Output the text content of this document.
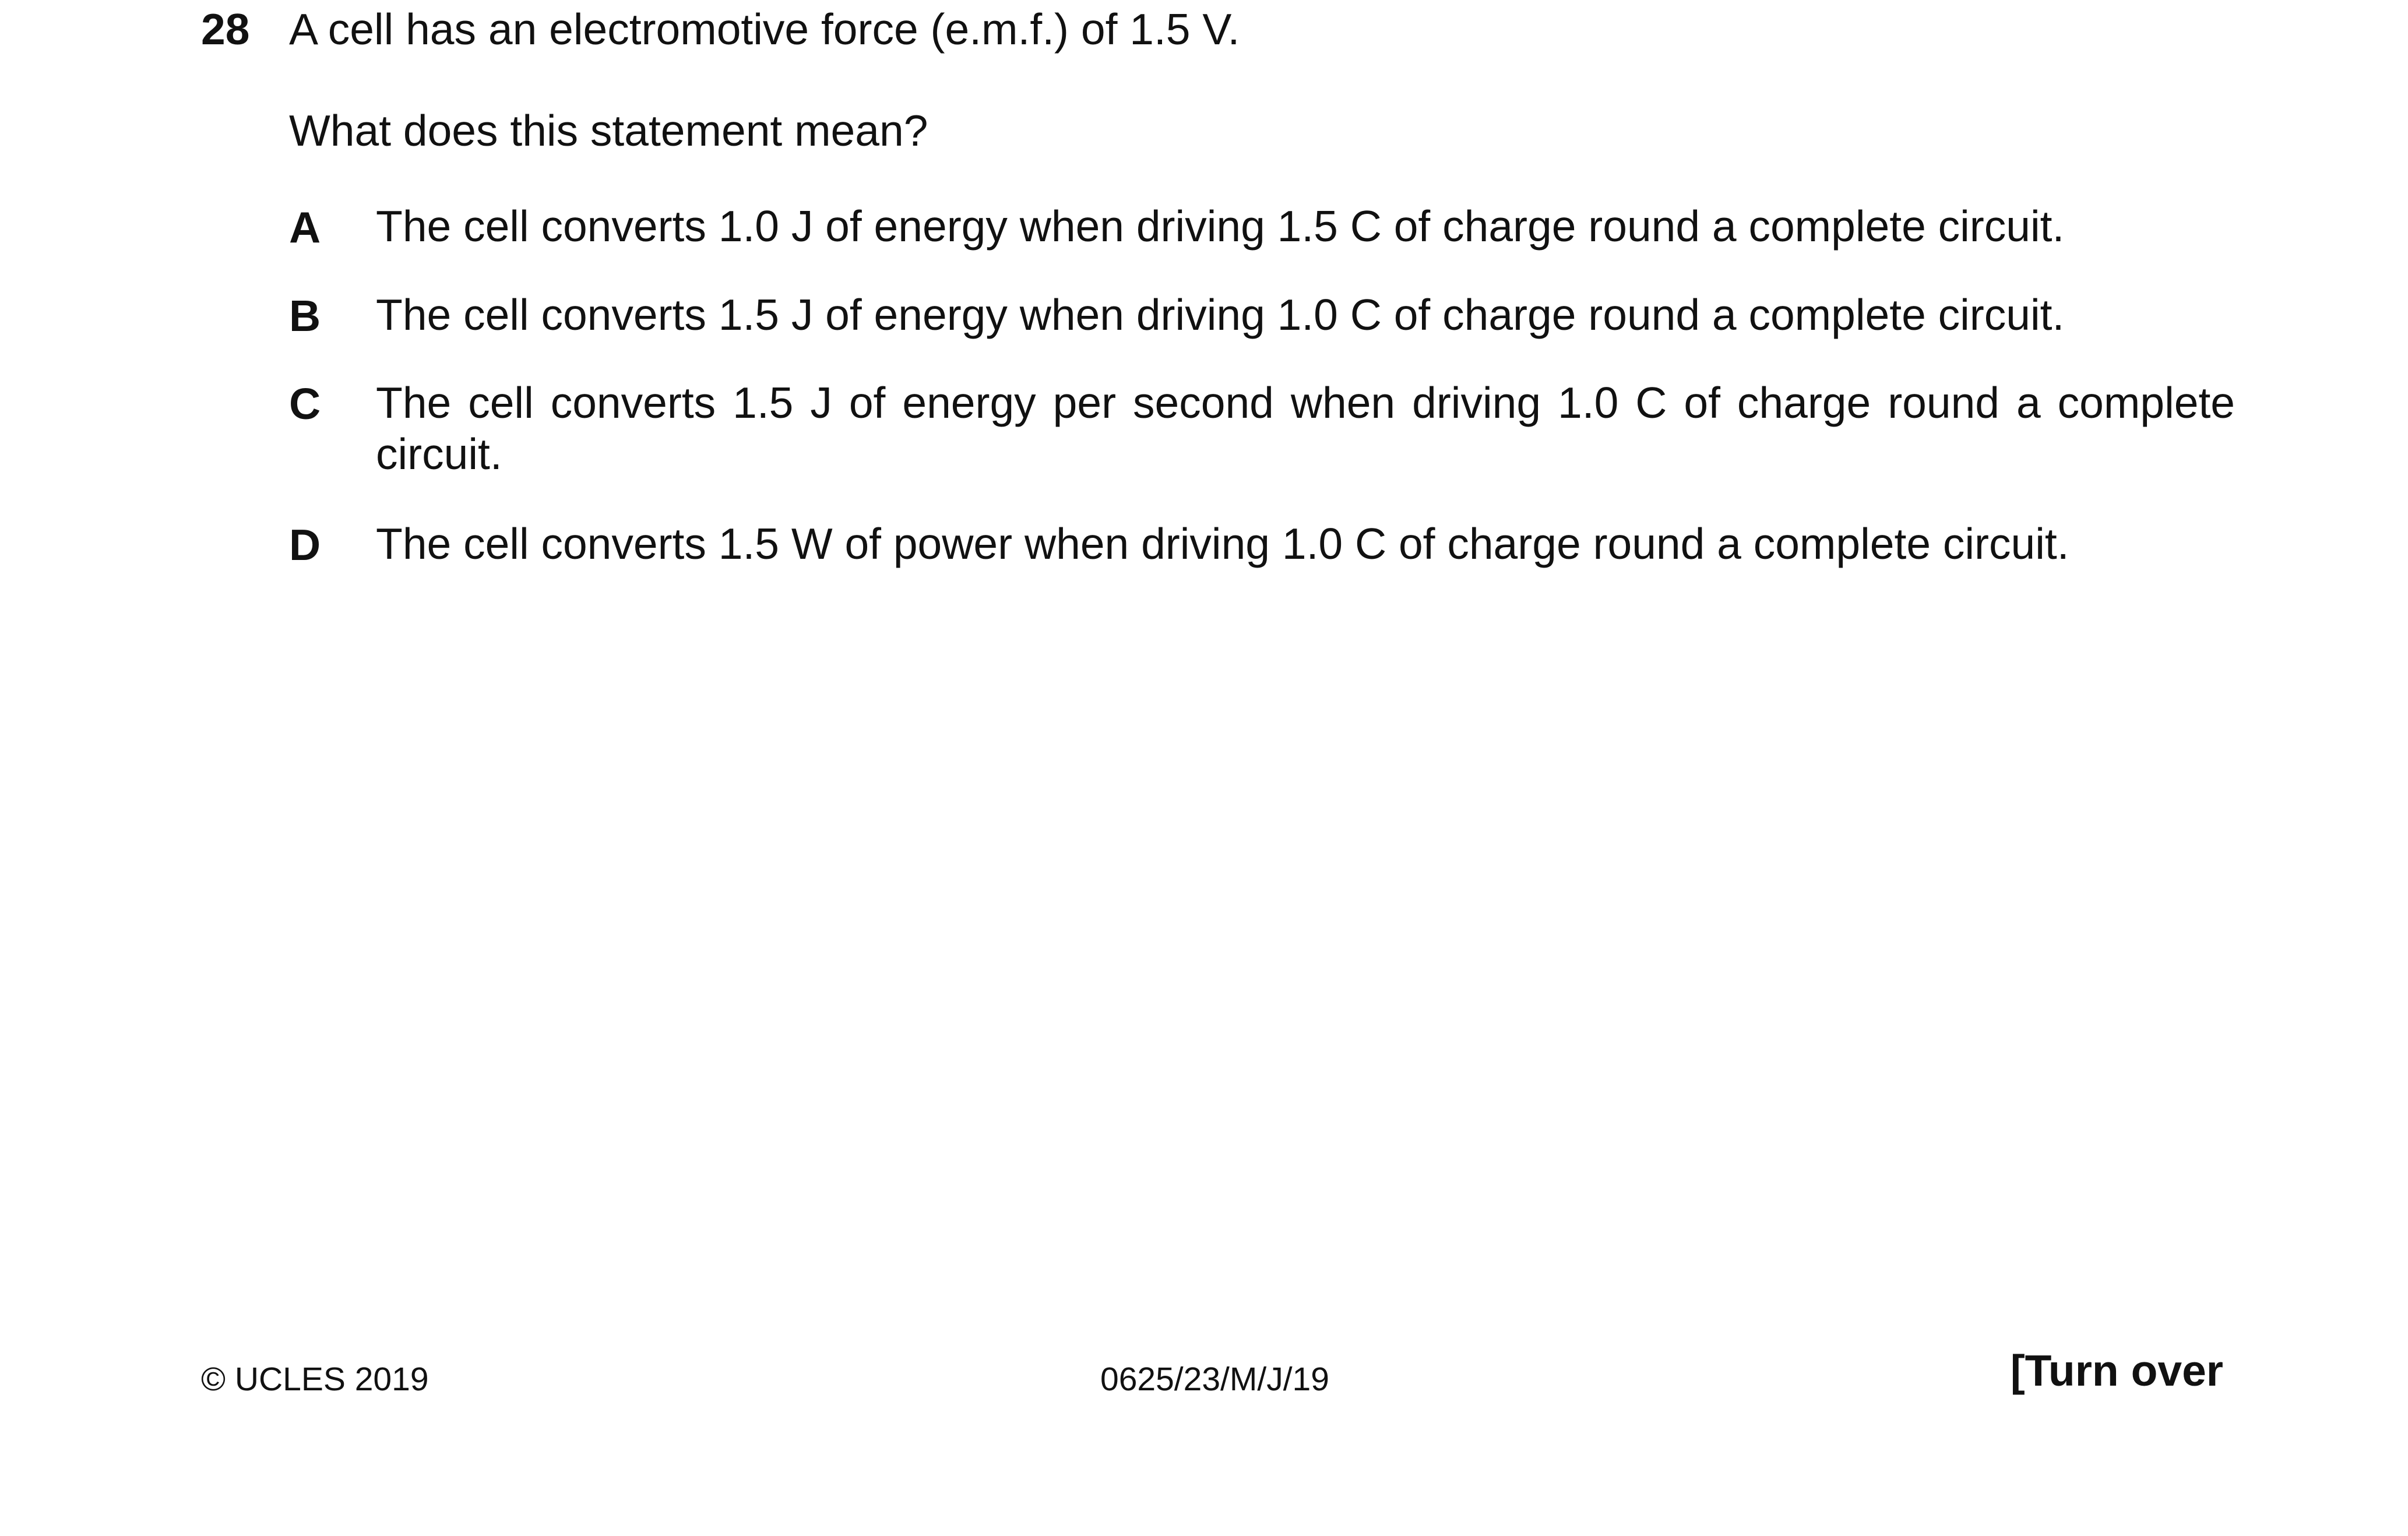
28 A cell has an electromotive force (e.m.f.) of 1.5 V.
What does this statement mean?
A The cell converts 1.0 J of energy when driving 1.5 C of charge round a complete circuit.
B The cell converts 1.5 J of energy when driving 1.0 C of charge round a complete circuit.
C The cell converts 1.5 J of energy per second when driving 1.0 C of charge round a complete circuit.
D The cell converts 1.5 W of power when driving 1.0 C of charge round a complete circuit.
© UCLES 2019	0625/23/M/J/19	[Turn over
